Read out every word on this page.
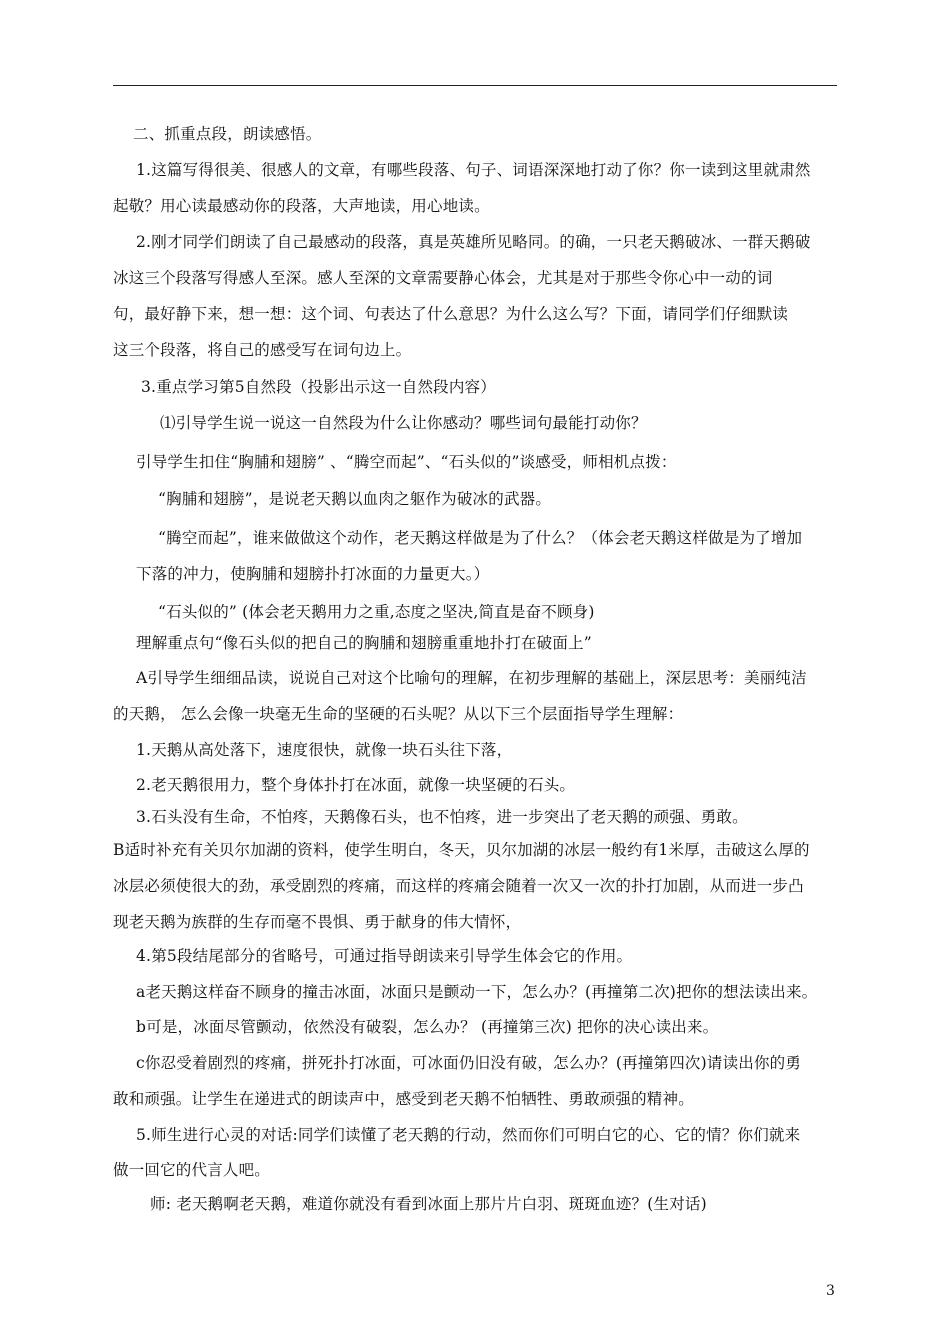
二、抓重点段，朗读感悟。
1.这篇写得很美、很感人的文章，有哪些段落、句子、词语深深地打动了你？你一读到这里就肃然
起敬？用心读最感动你的段落，大声地读，用心地读。
2.刚才同学们朗读了自己最感动的段落，真是英雄所见略同。的确，一只老天鹅破冰、一群天鹅破
冰这三个段落写得感人至深。感人至深的文章需要静心体会，尤其是对于那些令你心中一动的词
句，最好静下来，想一想：这个词、句表达了什么意思？为什么这么写？下面，请同学们仔细默读
这三个段落，将自己的感受写在词句边上。
3.重点学习第5自然段（投影出示这一自然段内容）
⑴引导学生说一说这一自然段为什么让你感动？哪些词句最能打动你？
引导学生扣住“胸脯和翅膀” 、“腾空而起”、“石头似的”谈感受，师相机点拨：
“胸脯和翅膀”，是说老天鹅以血肉之躯作为破冰的武器。
“腾空而起”，谁来做做这个动作，老天鹅这样做是为了什么？（体会老天鹅这样做是为了增加
下落的冲力，使胸脯和翅膀扑打冰面的力量更大。）
“石头似的” (体会老天鹅用力之重,态度之坚决,简直是奋不顾身)
理解重点句“像石头似的把自己的胸脯和翅膀重重地扑打在破面上”
A引导学生细细品读，说说自己对这个比喻句的理解，在初步理解的基础上，深层思考：美丽纯洁
的天鹅， 怎么会像一块毫无生命的坚硬的石头呢？从以下三个层面指导学生理解：
1.天鹅从高处落下，速度很快，就像一块石头往下落，
2.老天鹅很用力，整个身体扑打在冰面，就像一块坚硬的石头。
3.石头没有生命，不怕疼，天鹅像石头，也不怕疼，进一步突出了老天鹅的顽强、勇敢。
B适时补充有关贝尔加湖的资料，使学生明白，冬天，贝尔加湖的冰层一般约有1米厚，击破这么厚的
冰层必须使很大的劲，承受剧烈的疼痛，而这样的疼痛会随着一次又一次的扑打加剧，从而进一步凸
现老天鹅为族群的生存而毫不畏惧、勇于献身的伟大情怀，
4.第5段结尾部分的省略号，可通过指导朗读来引导学生体会它的作用。
a老天鹅这样奋不顾身的撞击冰面，冰面只是颤动一下，怎么办？(再撞第二次)把你的想法读出来。
b可是，冰面尽管颤动，依然没有破裂，怎么办？ (再撞第三次) 把你的决心读出来。
c你忍受着剧烈的疼痛，拼死扑打冰面，可冰面仍旧没有破，怎么办？(再撞第四次)请读出你的勇
敢和顽强。让学生在递进式的朗读声中，感受到老天鹅不怕牺牲、勇敢顽强的精神。
5.师生进行心灵的对话:同学们读懂了老天鹅的行动，然而你们可明白它的心、它的情？你们就来
做一回它的代言人吧。
师: 老天鹅啊老天鹅，难道你就没有看到冰面上那片片白羽、斑斑血迹？(生对话)
3
